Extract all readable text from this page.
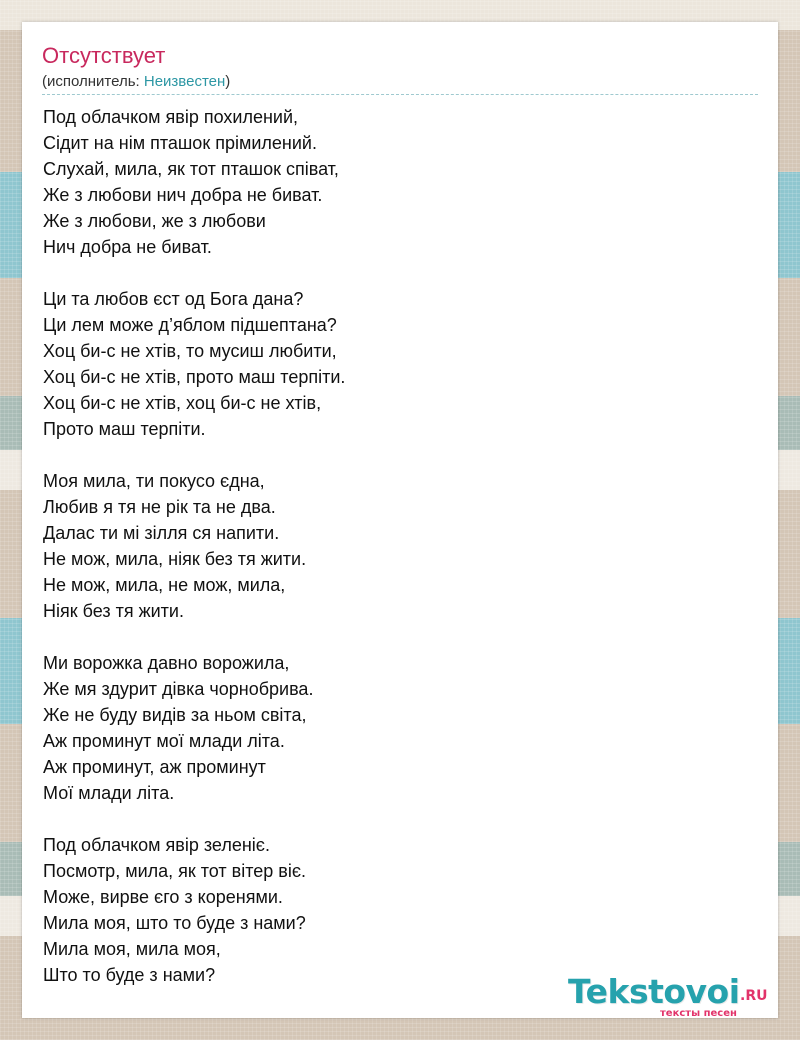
Отсутствует
(исполнитель: Неизвестен)
Под облачком явір похилений,
Сідит на нім пташок прімилений.
Слухай, мила, як тот пташок співат,
Же з любови нич добра не биват.
Же з любови, же з любови
Нич добра не биват.
Ци та любов єст од Бога дана?
Ци лем може д’яблом підшептана?
Хоц би-с не хтів, то мусиш любити,
Хоц би-с не хтів, прото маш терпіти.
Хоц би-с не хтів, хоц би-с не хтів,
Прото маш терпіти.
Моя мила, ти покусо єдна,
Любив я тя не рік та не два.
Далас ти мі зілля ся напити.
Не мож, мила, ніяк без тя жити.
Не мож, мила, не мож, мила,
Ніяк без тя жити.
Ми ворожка давно ворожила,
Же мя здурит дівка чорнобрива.
Же не буду видів за ньом світа,
Аж проминут мої млади літа.
Аж проминут, аж проминут
Мої млади літа.
Под облачком явір зеленіє.
Посмотр, мила, як тот вітер віє.
Може, вирве єго з коренями.
Мила моя, што то буде з нами?
Мила моя, мила моя,
Што то буде з нами?	Tekstovoi .RU
тексты песен
